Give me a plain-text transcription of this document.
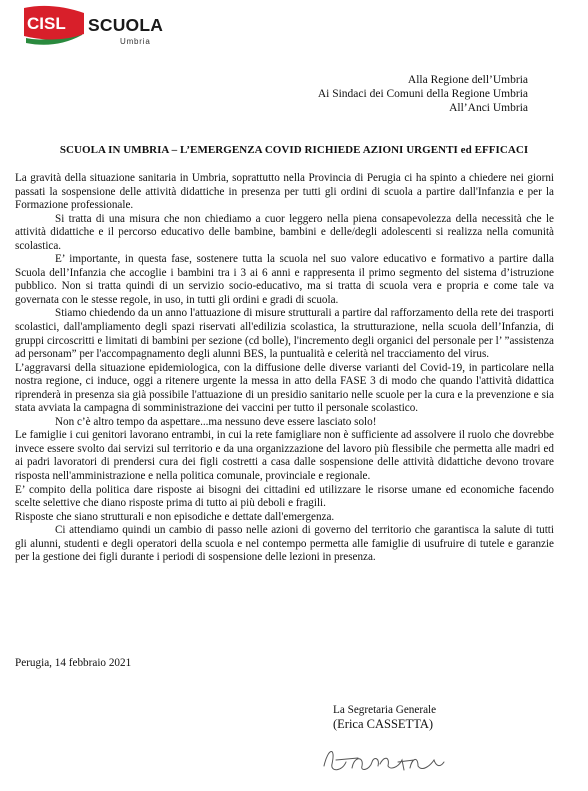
CISL SCUOLA
Umbria
Alla Regione dell’Umbria
Ai Sindaci dei Comuni della Regione Umbria
All’Anci Umbria
SCUOLA IN UMBRIA – L’EMERGENZA COVID RICHIEDE AZIONI URGENTI ed EFFICACI

La gravità della situazione sanitaria in Umbria, soprattutto nella Provincia di Perugia ci ha spinto a chiedere nei giorni passati la sospensione delle attività didattiche in presenza per tutti gli ordini di scuola a partire dall'Infanzia e per la Formazione professionale.

Si tratta di una misura che non chiediamo a cuor leggero nella piena consapevolezza della necessità che le attività didattiche e il percorso educativo delle bambine, bambini e delle/degli adolescenti si realizza nella comunità scolastica.

E’ importante, in questa fase, sostenere tutta la scuola nel suo valore educativo e formativo a partire dalla Scuola dell’Infanzia che accoglie i bambini tra i 3 ai 6 anni e rappresenta il primo segmento del sistema d’istruzione pubblico. Non si tratta quindi di un servizio socio-educativo, ma si tratta di scuola vera e propria e come tale va governata con le stesse regole, in uso, in tutti gli ordini e gradi di scuola.

Stiamo chiedendo da un anno l'attuazione di misure strutturali a partire dal rafforzamento della rete dei trasporti scolastici, dall'ampliamento degli spazi riservati all'edilizia scolastica, la strutturazione, nella scuola dell’Infanzia, di gruppi circoscritti e limitati di bambini per sezione (cd bolle), l'incremento degli organici del personale per l’ ”assistenza ad personam” per l'accompagnamento degli alunni BES, la puntualità e celerità nel tracciamento del virus.

L’aggravarsi della situazione epidemiologica, con la diffusione delle diverse varianti del Covid-19, in particolare nella nostra regione, ci induce, oggi a ritenere urgente la messa in atto della FASE 3 di modo che quando l'attività didattica riprenderà in presenza sia già possibile l'attuazione di un presidio sanitario nelle scuole per la cura e la prevenzione e sia stata avviata la campagna di somministrazione dei vaccini per tutto il personale scolastico.

Non c’è altro tempo da aspettare...ma nessuno deve essere lasciato solo!

Le famiglie i cui genitori lavorano entrambi, in cui la rete famigliare non è sufficiente ad assolvere il ruolo che dovrebbe invece essere svolto dai servizi sul territorio e da una organizzazione del lavoro più flessibile che permetta alle madri ed ai padri lavoratori di prendersi cura dei figli costretti a casa dalle sospensione delle attività didattiche devono trovare risposta nell'amministrazione e nella politica comunale, provinciale e regionale.

E’ compito della politica dare risposte ai bisogni dei cittadini ed utilizzare le risorse umane ed economiche facendo scelte selettive che diano risposte prima di tutto ai più deboli e fragili.

Risposte che siano strutturali e non episodiche e dettate dall'emergenza.

Ci attendiamo quindi un cambio di passo nelle azioni di governo del territorio che garantisca la salute di tutti gli alunni, studenti e degli operatori della scuola e nel contempo permetta alle famiglie di usufruire di tutele e garanzie per la gestione dei figli durante i periodi di sospensione delle lezioni in presenza.

Perugia, 14 febbraio 2021
La Segretaria Generale
(Erica CASSETTA)
